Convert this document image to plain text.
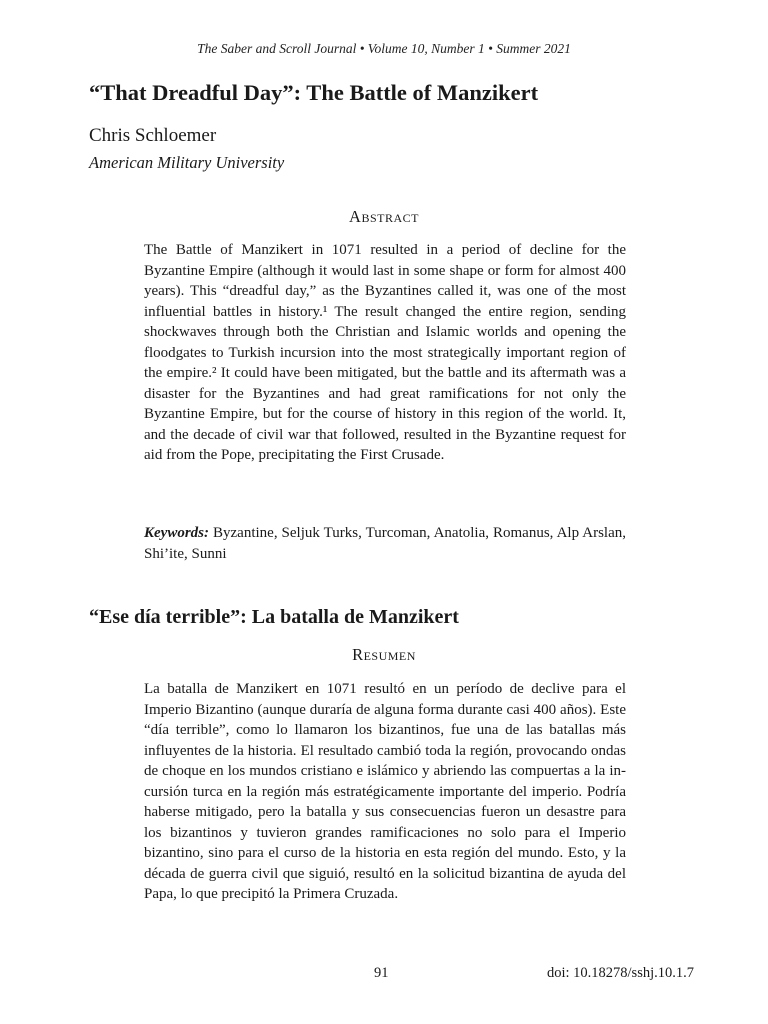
The Saber and Scroll Journal • Volume 10, Number 1 • Summer 2021
“That Dreadful Day”: The Battle of Manzikert
Chris Schloemer
American Military University
Abstract

The Battle of Manzikert in 1071 resulted in a period of decline for the Byzantine Empire (although it would last in some shape or form for almost 400 years). This “dreadful day,” as the Byzantines called it, was one of the most influential battles in history.¹ The result changed the entire region, sending shockwaves through both the Christian and Islamic worlds and opening the floodgates to Turkish incursion into the most strategically important region of the empire.² It could have been mitigated, but the battle and its aftermath was a disaster for the Byzantines and had great ramifications for not only the Byzantine Empire, but for the course of history in this region of the world. It, and the decade of civil war that followed, resulted in the Byzantine request for aid from the Pope, precipitating the First Crusade.

Keywords: Byzantine, Seljuk Turks, Turcoman, Anatolia, Romanus, Alp Arslan, Shi’ite, Sunni

“Ese día terrible”: La batalla de Manzikert
Resumen

La batalla de Manzikert en 1071 resultó en un período de declive para el Imperio Bizantino (aunque duraría de alguna forma durante casi 400 años). Este “día terrible”, como lo llamaron los bizantinos, fue una de las batallas más influyentes de la historia. El resultado cambió toda la región, provocando ondas de choque en los mundos cristiano e islámico y abriendo las compuertas a la incursión turca en la región más estratégicamente importante del imperio. Podría haberse mitigado, pero la batalla y sus consecuencias fueron un desastre para los bizantinos y tuvieron grandes ramificaciones no solo para el Imperio bizantino, sino para el curso de la historia en esta región del mundo. Esto, y la década de guerra civil que siguió, resultó en la solicitud bizantina de ayuda del Papa, lo que precipitó la Primera Cruzada.

91	doi: 10.18278/sshj.10.1.7
